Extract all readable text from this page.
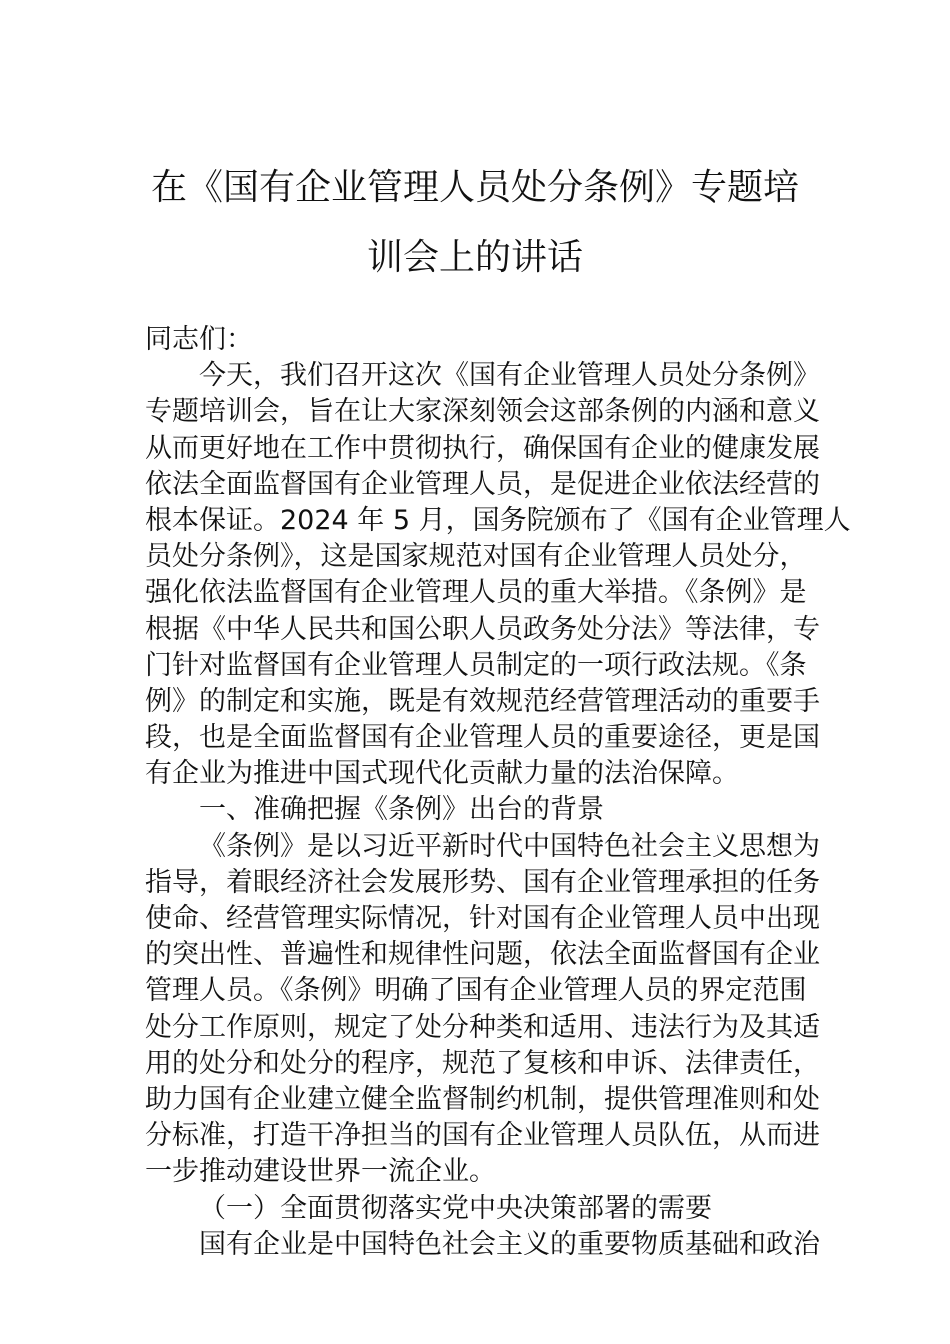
在《国有企业管理人员处分条例》专题培
训会上的讲话
同志们：
今天，我们召开这次《国有企业管理人员处分条例》
专题培训会，旨在让大家深刻领会这部条例的内涵和意义
从而更好地在工作中贯彻执行，确保国有企业的健康发展
依法全面监督国有企业管理人员，是促进企业依法经营的
根本保证。2024 年 5 月，国务院颁布了《国有企业管理人
员处分条例》，这是国家规范对国有企业管理人员处分，
强化依法监督国有企业管理人员的重大举措。《条例》是
根据《中华人民共和国公职人员政务处分法》等法律，专
门针对监督国有企业管理人员制定的一项行政法规。《条
例》的制定和实施，既是有效规范经营管理活动的重要手
段，也是全面监督国有企业管理人员的重要途径，更是国
有企业为推进中国式现代化贡献力量的法治保障。
一、准确把握《条例》出台的背景
《条例》是以习近平新时代中国特色社会主义思想为
指导，着眼经济社会发展形势、国有企业管理承担的任务
使命、经营管理实际情况，针对国有企业管理人员中出现
的突出性、普遍性和规律性问题，依法全面监督国有企业
管理人员。《条例》明确了国有企业管理人员的界定范围
处分工作原则，规定了处分种类和适用、违法行为及其适
用的处分和处分的程序，规范了复核和申诉、法律责任，
助力国有企业建立健全监督制约机制，提供管理准则和处
分标准，打造干净担当的国有企业管理人员队伍，从而进
一步推动建设世界一流企业。
（一）全面贯彻落实党中央决策部署的需要
国有企业是中国特色社会主义的重要物质基础和政治
